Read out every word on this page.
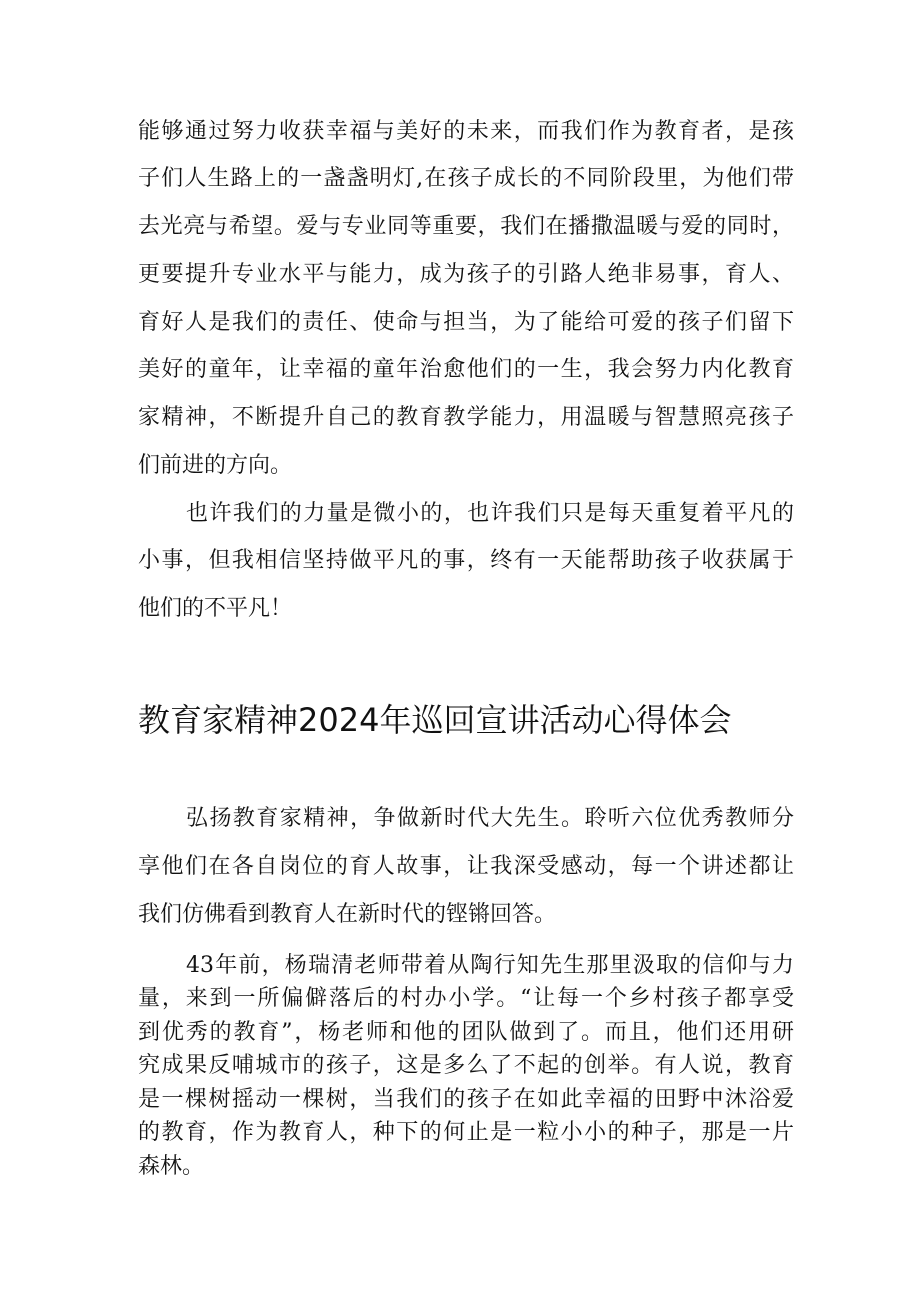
能够通过努力收获幸福与美好的未来，而我们作为教育者，是孩
子们人生路上的一盏盏明灯,在孩子成长的不同阶段里，为他们带
去光亮与希望。爱与专业同等重要，我们在播撒温暖与爱的同时，
更要提升专业水平与能力，成为孩子的引路人绝非易事，育人、
育好人是我们的责任、使命与担当，为了能给可爱的孩子们留下
美好的童年，让幸福的童年治愈他们的一生，我会努力内化教育
家精神，不断提升自己的教育教学能力，用温暖与智慧照亮孩子
们前进的方向。
也许我们的力量是微小的，也许我们只是每天重复着平凡的
小事，但我相信坚持做平凡的事，终有一天能帮助孩子收获属于
他们的不平凡！
教育家精神2024年巡回宣讲活动心得体会
弘扬教育家精神，争做新时代大先生。聆听六位优秀教师分
享他们在各自岗位的育人故事，让我深受感动，每一个讲述都让
我们仿佛看到教育人在新时代的铿锵回答。
43年前，杨瑞清老师带着从陶行知先生那里汲取的信仰与力
量，来到一所偏僻落后的村办小学。“让每一个乡村孩子都享受
到优秀的教育”，杨老师和他的团队做到了。而且，他们还用研
究成果反哺城市的孩子，这是多么了不起的创举。有人说，教育
是一棵树摇动一棵树，当我们的孩子在如此幸福的田野中沐浴爱
的教育，作为教育人，种下的何止是一粒小小的种子，那是一片
森林。
